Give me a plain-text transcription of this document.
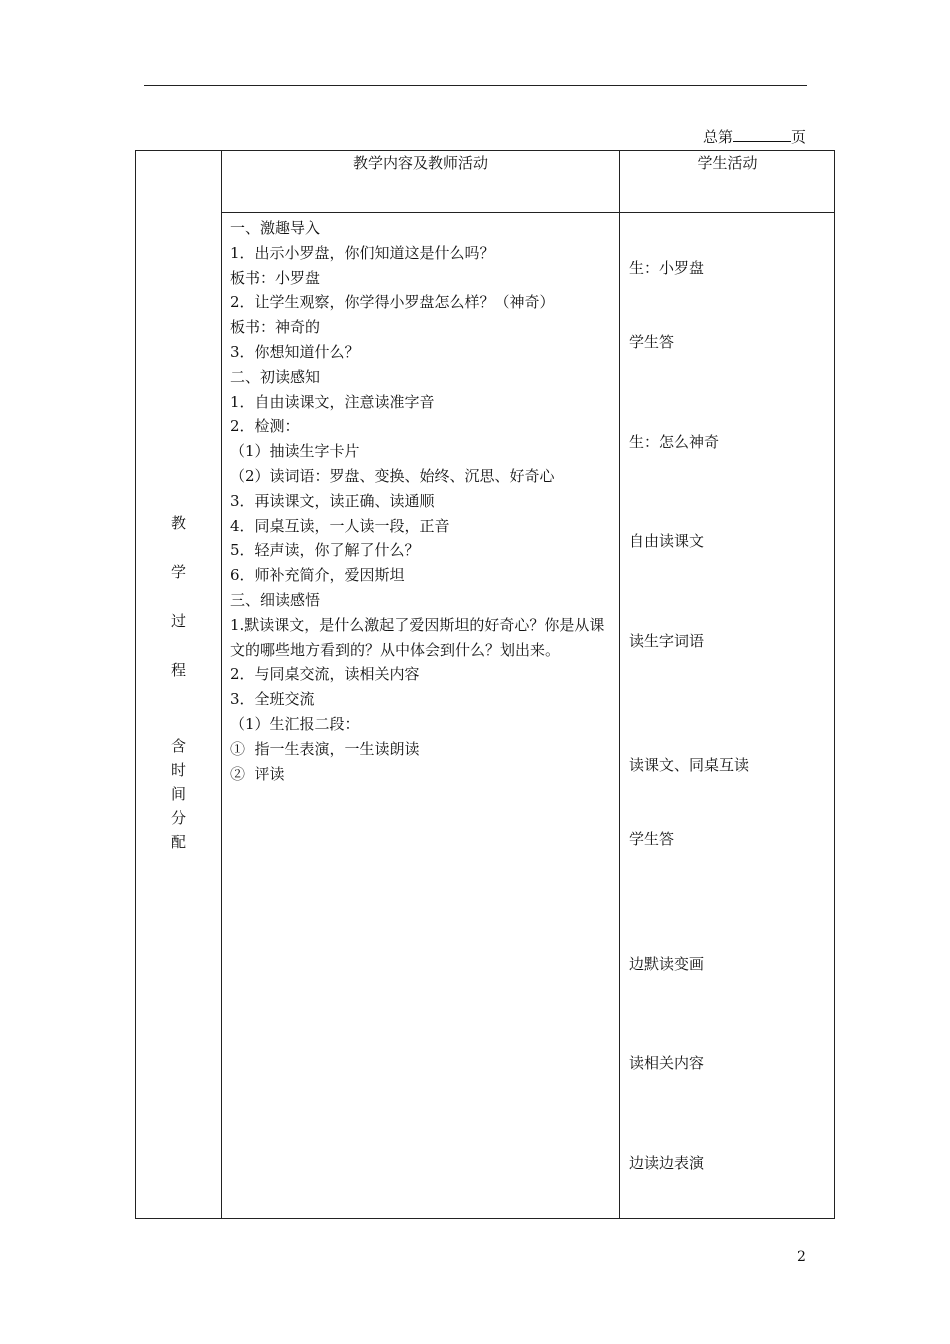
总第	页
教学内容及教师活动	学生活动
教
学
过
程
含
时
间
分
配
一、激趣导入
1．出示小罗盘，你们知道这是什么吗？
板书：小罗盘
2．让学生观察，你学得小罗盘怎么样？（神奇）
板书：神奇的
3．你想知道什么？
二、初读感知
1．自由读课文，注意读准字音
2．检测：
（1）抽读生字卡片
（2）读词语：罗盘、变换、始终、沉思、好奇心
3．再读课文，读正确、读通顺
4．同桌互读，一人读一段，正音
5．轻声读，你了解了什么？
6．师补充简介，爱因斯坦
三、细读感悟
1.默读课文，是什么激起了爱因斯坦的好奇心？你是从课文的哪些地方看到的？从中体会到什么？划出来。
2．与同桌交流，读相关内容
3．全班交流
（1）生汇报二段：
①  指一生表演，一生读朗读
②  评读
生：小罗盘
学生答
生：怎么神奇
自由读课文
读生字词语
读课文、同桌互读
学生答
边默读变画
读相关内容
边读边表演
2
